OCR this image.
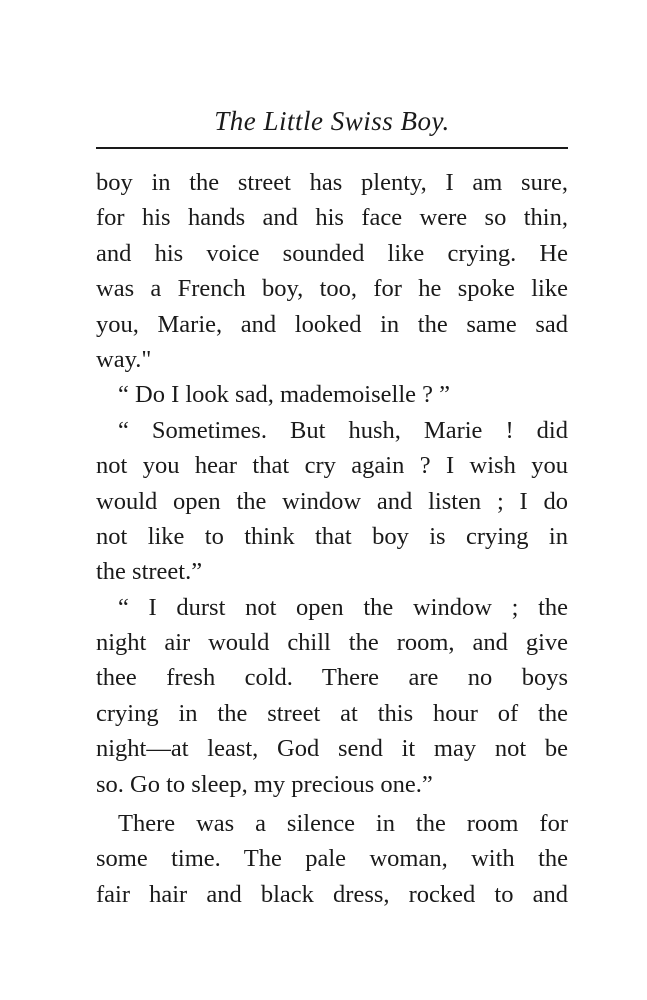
The Little Swiss Boy.
boy in the street has plenty, I am sure,
for his hands and his face were so thin,
and his voice sounded like crying. He
was a French boy, too, for he spoke like
you, Marie, and looked in the same sad
way."
“ Do I look sad, mademoiselle ? ”
“ Sometimes. But hush, Marie ! did
not you hear that cry again ? I wish you
would open the window and listen ; I do
not like to think that boy is crying in
the street.”
“ I durst not open the window ; the
night air would chill the room, and give
thee fresh cold. There are no boys
crying in the street at this hour of the
night—at least, God send it may not be
so. Go to sleep, my precious one.”
There was a silence in the room for
some time. The pale woman, with the
fair hair and black dress, rocked to and
